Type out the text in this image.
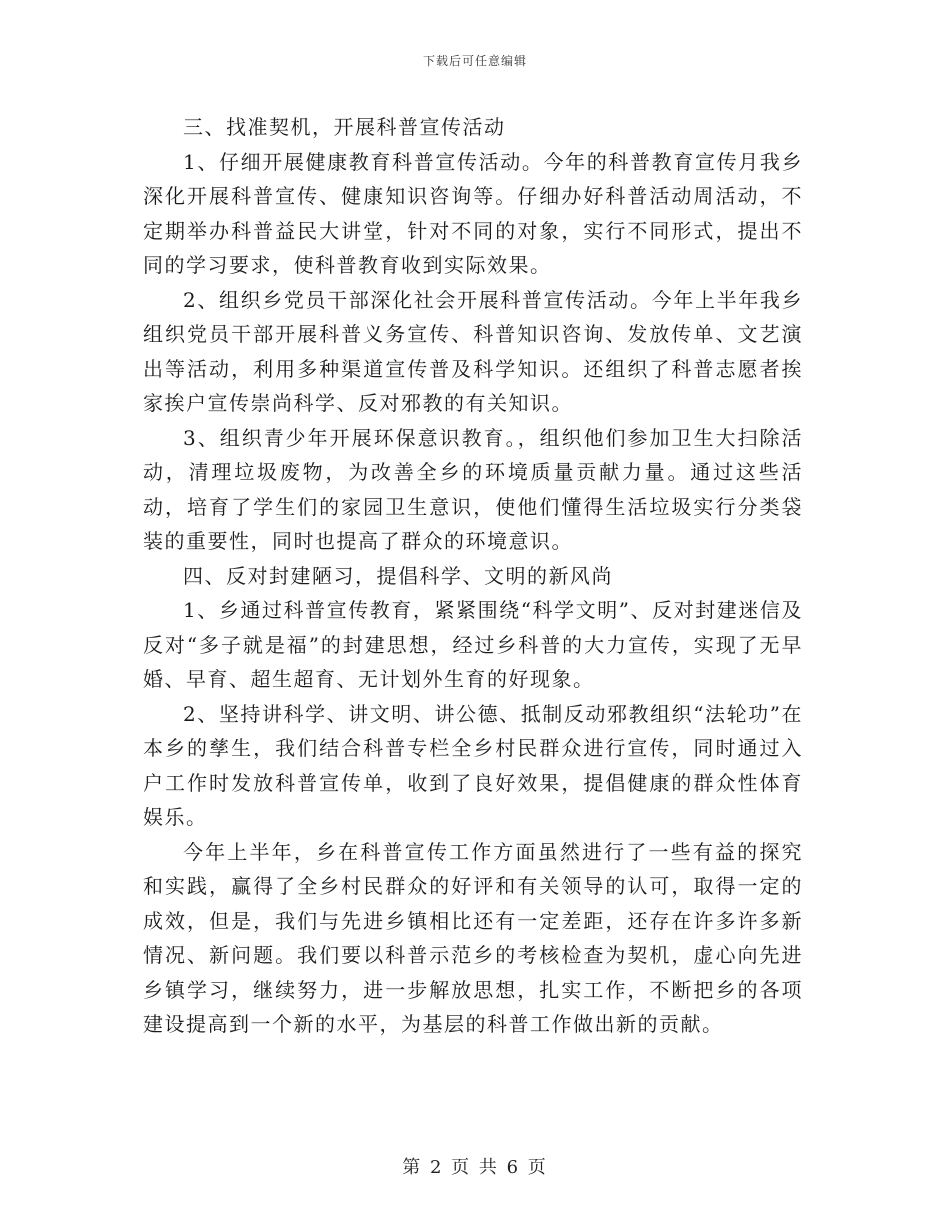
下载后可任意编辑

三、找准契机，开展科普宣传活动

1、仔细开展健康教育科普宣传活动。今年的科普教育宣传月我乡深化开展科普宣传、健康知识咨询等。仔细办好科普活动周活动，不定期举办科普益民大讲堂，针对不同的对象，实行不同形式，提出不同的学习要求，使科普教育收到实际效果。

2、组织乡党员干部深化社会开展科普宣传活动。今年上半年我乡组织党员干部开展科普义务宣传、科普知识咨询、发放传单、文艺演出等活动，利用多种渠道宣传普及科学知识。还组织了科普志愿者挨家挨户宣传崇尚科学、反对邪教的有关知识。

3、组织青少年开展环保意识教育。，组织他们参加卫生大扫除活动，清理垃圾废物，为改善全乡的环境质量贡献力量。通过这些活动，培育了学生们的家园卫生意识，使他们懂得生活垃圾实行分类袋装的重要性，同时也提高了群众的环境意识。

四、反对封建陋习，提倡科学、文明的新风尚

1、乡通过科普宣传教育，紧紧围绕“科学文明”、反对封建迷信及反对“多子就是福”的封建思想，经过乡科普的大力宣传，实现了无早婚、早育、超生超育、无计划外生育的好现象。

2、坚持讲科学、讲文明、讲公德、抵制反动邪教组织“法轮功”在本乡的孳生，我们结合科普专栏全乡村民群众进行宣传，同时通过入户工作时发放科普宣传单，收到了良好效果，提倡健康的群众性体育娱乐。

今年上半年，乡在科普宣传工作方面虽然进行了一些有益的探究和实践，赢得了全乡村民群众的好评和有关领导的认可，取得一定的成效，但是，我们与先进乡镇相比还有一定差距，还存在许多许多新情况、新问题。我们要以科普示范乡的考核检查为契机，虚心向先进乡镇学习，继续努力，进一步解放思想，扎实工作，不断把乡的各项建设提高到一个新的水平，为基层的科普工作做出新的贡献。

第 2 页 共 6 页
